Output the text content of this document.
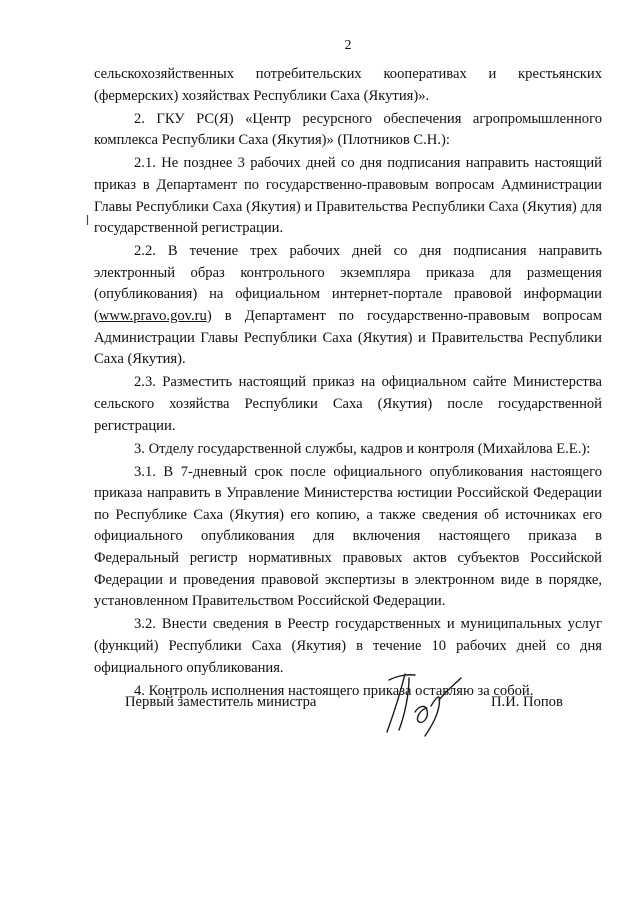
2

сельскохозяйственных потребительских кооперативах и крестьянских (фермерских) хозяйствах Республики Саха (Якутия)».

2. ГКУ РС(Я) «Центр ресурсного обеспечения агропромышленного комплекса Республики Саха (Якутия)» (Плотников С.Н.):

2.1. Не позднее 3 рабочих дней со дня подписания направить настоящий приказ в Департамент по государственно-правовым вопросам Администрации Главы Республики Саха (Якутия) и Правительства Республики Саха (Якутия) для государственной регистрации.

2.2. В течение трех рабочих дней со дня подписания направить электронный образ контрольного экземпляра приказа для размещения (опубликования) на официальном интернет-портале правовой информации (www.pravo.gov.ru) в Департамент по государственно-правовым вопросам Администрации Главы Республики Саха (Якутия) и Правительства Республики Саха (Якутия).

2.3. Разместить настоящий приказ на официальном сайте Министерства сельского хозяйства Республики Саха (Якутия) после государственной регистрации.

3. Отделу государственной службы, кадров и контроля (Михайлова Е.Е.):

3.1. В 7-дневный срок после официального опубликования настоящего приказа направить в Управление Министерства юстиции Российской Федерации по Республике Саха (Якутия) его копию, а также сведения об источниках его официального опубликования для включения настоящего приказа в Федеральный регистр нормативных правовых актов субъектов Российской Федерации и проведения правовой экспертизы в электронном виде в порядке, установленном Правительством Российской Федерации.

3.2. Внести сведения в Реестр государственных и муниципальных услуг (функций) Республики Саха (Якутия) в течение 10 рабочих дней со дня официального опубликования.

4. Контроль исполнения настоящего приказа оставляю за собой.

Первый заместитель министра	П.И. Попов
